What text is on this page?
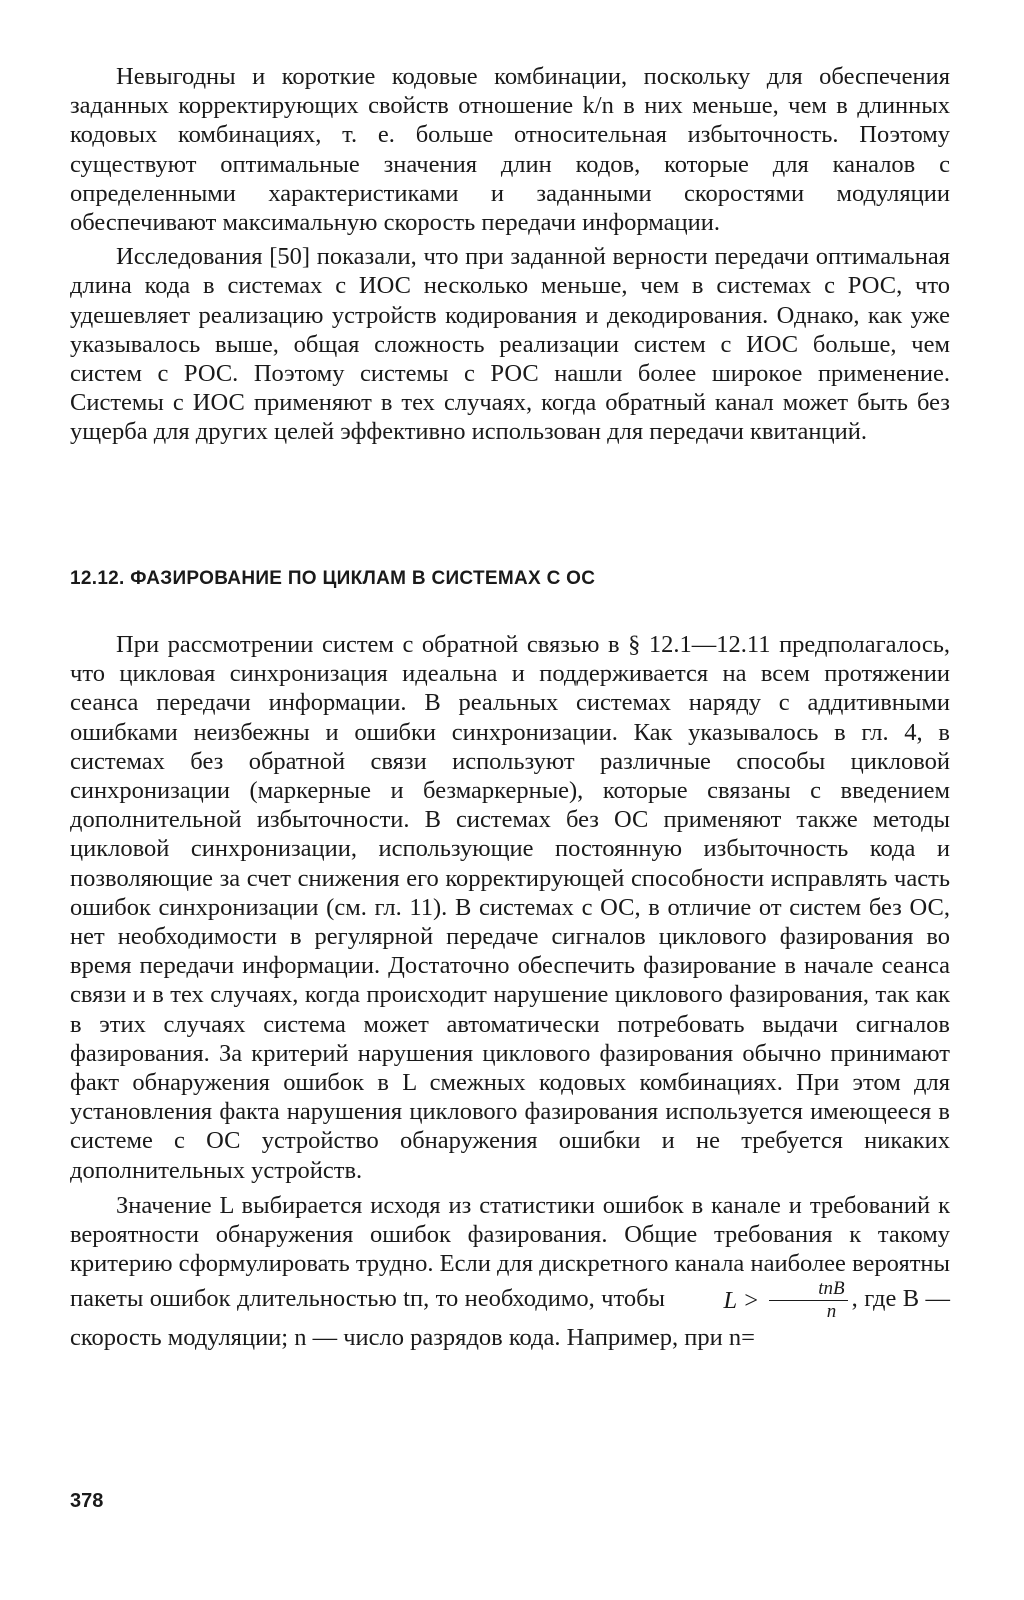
Невыгодны и короткие кодовые комбинации, поскольку для обеспечения заданных корректирующих свойств отношение k/n в них меньше, чем в длинных кодовых комбинациях, т. е. больше относительная избыточность. Поэтому существуют оптимальные значения длин кодов, которые для каналов с определенными характеристиками и заданными скоростями модуляции обеспечивают максимальную скорость передачи информации.

Исследования [50] показали, что при заданной верности передачи оптимальная длина кода в системах с ИОС несколько меньше, чем в системах с РОС, что удешевляет реализацию устройств кодирования и декодирования. Однако, как уже указывалось выше, общая сложность реализации систем с ИОС больше, чем систем с РОС. Поэтому системы с РОС нашли более широкое применение. Системы с ИОС применяют в тех случаях, когда обратный канал может быть без ущерба для других целей эффективно использован для передачи квитанций.

12.12. ФАЗИРОВАНИЕ ПО ЦИКЛАМ В СИСТЕМАХ С ОС

При рассмотрении систем с обратной связью в § 12.1—12.11 предполагалось, что цикловая синхронизация идеальна и поддерживается на всем протяжении сеанса передачи информации. В реальных системах наряду с аддитивными ошибками неизбежны и ошибки синхронизации. Как указывалось в гл. 4, в системах без обратной связи используют различные способы цикловой синхронизации (маркерные и безмаркерные), которые связаны с введением дополнительной избыточности. В системах без ОС применяют также методы цикловой синхронизации, использующие постоянную избыточность кода и позволяющие за счет снижения его корректирующей способности исправлять часть ошибок синхронизации (см. гл. 11). В системах с ОС, в отличие от систем без ОС, нет необходимости в регулярной передаче сигналов циклового фазирования во время передачи информации. Достаточно обеспечить фазирование в начале сеанса связи и в тех случаях, когда происходит нарушение циклового фазирования, так как в этих случаях система может автоматически потребовать выдачи сигналов фазирования. За критерий нарушения циклового фазирования обычно принимают факт обнаружения ошибок в L смежных кодовых комбинациях. При этом для установления факта нарушения циклового фазирования используется имеющееся в системе с ОС устройство обнаружения ошибки и не требуется никаких дополнительных устройств.

Значение L выбирается исходя из статистики ошибок в канале и требований к вероятности обнаружения ошибок фазирования. Общие требования к такому критерию сформулировать трудно. Если для дискретного канала наиболее вероятны пакеты ошибок длительностью tп, то необходимо, чтобы $L > \frac{\text{tпB}}{n}$ , где B — скорость модуляции; n — число разрядов кода. Например, при n=

378
